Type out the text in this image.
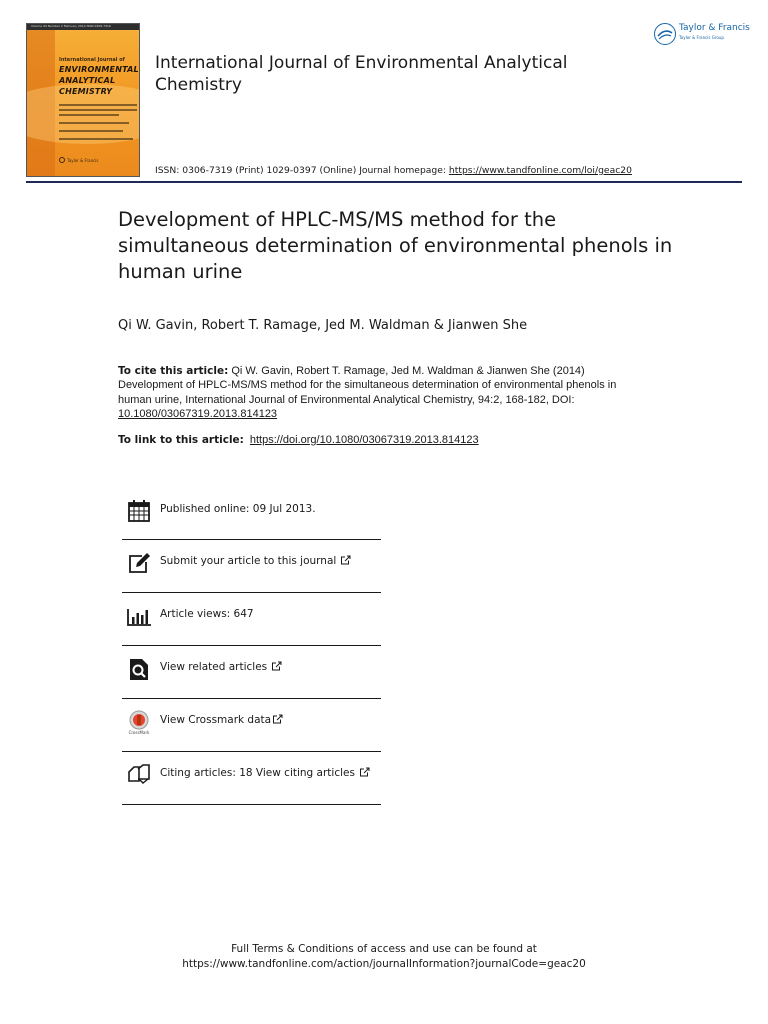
Volume 94 Number 2 February 2014 ISSN 0306-7319
International Journal of
ENVIRONMENTAL
ANALYTICAL
CHEMISTRY
Taylor & Francis
International Journal of Environmental Analytical Chemistry
ISSN: 0306-7319 (Print) 1029-0397 (Online) Journal homepage: https://www.tandfonline.com/loi/geac20
Taylor & Francis
Taylor & Francis Group
Development of HPLC-MS/MS method for the simultaneous determination of environmental phenols in human urine
Qi W. Gavin, Robert T. Ramage, Jed M. Waldman & Jianwen She
To cite this article: Qi W. Gavin, Robert T. Ramage, Jed M. Waldman & Jianwen She (2014) Development of HPLC-MS/MS method for the simultaneous determination of environmental phenols in human urine, International Journal of Environmental Analytical Chemistry, 94:2, 168-182, DOI: 10.1080/03067319.2013.814123
To link to this article: https://doi.org/10.1080/03067319.2013.814123
Published online: 09 Jul 2013.
Submit your article to this journal
Article views: 647
View related articles
CrossMark
View Crossmark data
Citing articles: 18 View citing articles
Full Terms & Conditions of access and use can be found at
https://www.tandfonline.com/action/journalInformation?journalCode=geac20
